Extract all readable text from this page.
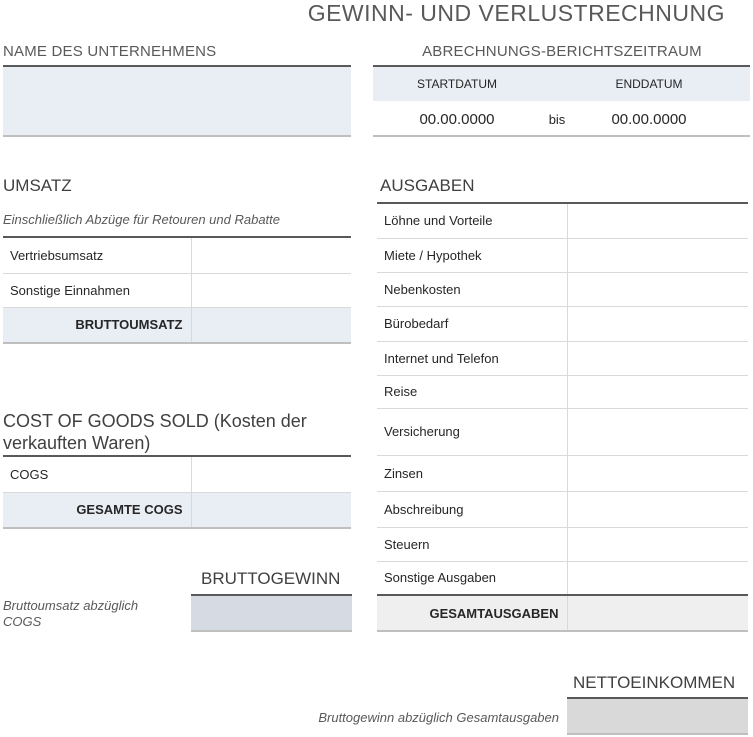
GEWINN- UND VERLUSTRECHNUNG
NAME DES UNTERNEHMENS	ABRECHNUNGS-BERICHTSZEITRAUM
STARTDATUM	ENDDATUM
00.00.0000	bis	00.00.0000
UMSATZ
Einschließlich Abzüge für Retouren und Rabatte
Vertriebsumsatz	
Sonstige Einnahmen	
BRUTTOUMSATZ	
COST OF GOODS SOLD (Kosten der
verkauften Waren)
COGS	
GESAMTE COGS	
BRUTTOGEWINN
Bruttoumsatz abzüglich
COGS
AUSGABEN
Löhne und Vorteile	
Miete / Hypothek	
Nebenkosten	
Bürobedarf	
Internet und Telefon	
Reise	
Versicherung	
Zinsen	
Abschreibung	
Steuern	
Sonstige Ausgaben	
GESAMTAUSGABEN	
NETTOEINKOMMEN
Bruttogewinn abzüglich Gesamtausgaben
